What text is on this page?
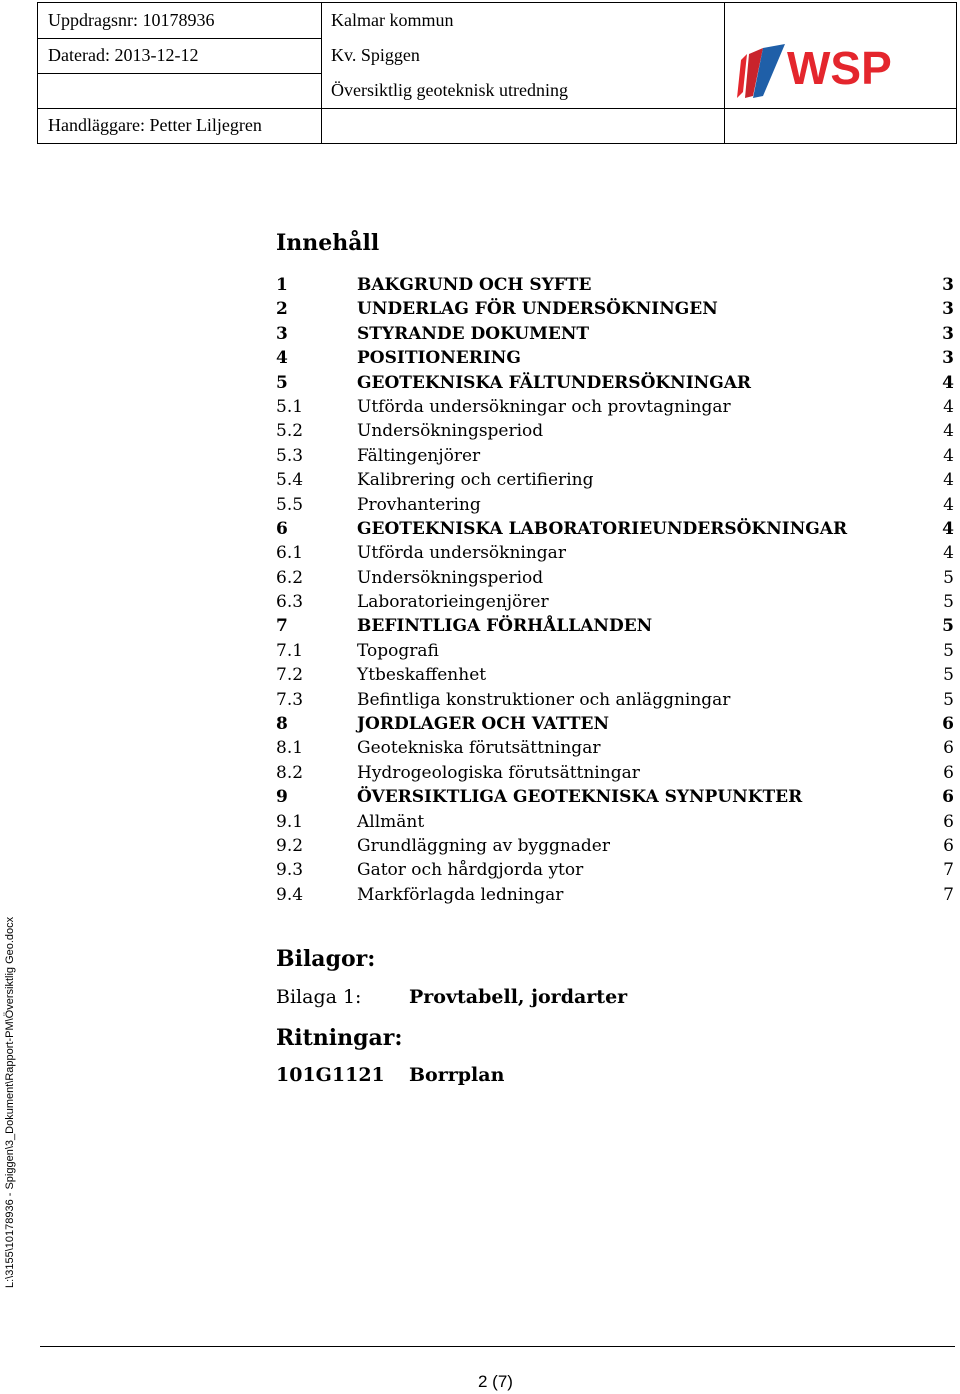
Uppdragsnr: 10178936
Daterad: 2013-12-12
Handläggare: Petter Liljegren
Kalmar kommun
Kv. Spiggen
Översiktlig geoteknisk utredning	WSP
L:\3155\10178936 - Spiggen\3_Dokument\Rapport-PM\Översiktlig Geo.docx
Innehåll
1	BAKGRUND OCH SYFTE	3
2	UNDERLAG FÖR UNDERSÖKNINGEN	3
3	STYRANDE DOKUMENT	3
4	POSITIONERING	3
5	GEOTEKNISKA FÄLTUNDERSÖKNINGAR	4
5.1	Utförda undersökningar och provtagningar	4
5.2	Undersökningsperiod	4
5.3	Fältingenjörer	4
5.4	Kalibrering och certifiering	4
5.5	Provhantering	4
6	GEOTEKNISKA LABORATORIEUNDERSÖKNINGAR	4
6.1	Utförda undersökningar	4
6.2	Undersökningsperiod	5
6.3	Laboratorieingenjörer	5
7	BEFINTLIGA FÖRHÅLLANDEN	5
7.1	Topografi	5
7.2	Ytbeskaffenhet	5
7.3	Befintliga konstruktioner och anläggningar	5
8	JORDLAGER OCH VATTEN	6
8.1	Geotekniska förutsättningar	6
8.2	Hydrogeologiska förutsättningar	6
9	ÖVERSIKTLIGA GEOTEKNISKA SYNPUNKTER	6
9.1	Allmänt	6
9.2	Grundläggning av byggnader	6
9.3	Gator och hårdgjorda ytor	7
9.4	Markförlagda ledningar	7
Bilagor:
Bilaga 1:	Provtabell, jordarter
Ritningar:
101G1121 Borrplan
2 (7)
